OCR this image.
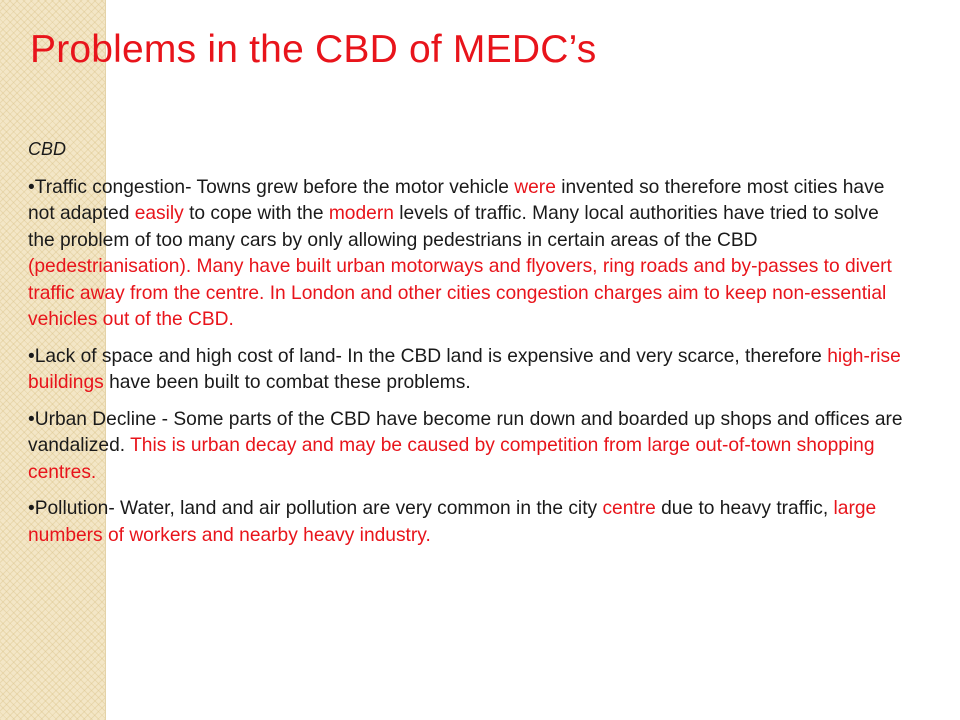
Problems in the CBD of MEDC’s
CBD

•Traffic congestion- Towns grew before the motor vehicle were invented so therefore most cities have not adapted easily to cope with the modern levels of traffic. Many local authorities have tried to solve the problem of too many cars by only allowing pedestrians in certain areas of the CBD (pedestrianisation). Many have built urban motorways and flyovers, ring roads and by-passes to divert traffic away from the centre. In London and other cities congestion charges aim to keep non-essential vehicles out of the CBD.

•Lack of space and high cost of land- In the CBD land is expensive and very scarce, therefore high-rise buildings have been built to combat these problems.

•Urban Decline - Some parts of the CBD have become run down and boarded up shops and offices are vandalized. This is urban decay and may be caused by competition from large out-of-town shopping centres.

•Pollution- Water, land and air pollution are very common in the city centre due to heavy traffic, large numbers of workers and nearby heavy industry.
